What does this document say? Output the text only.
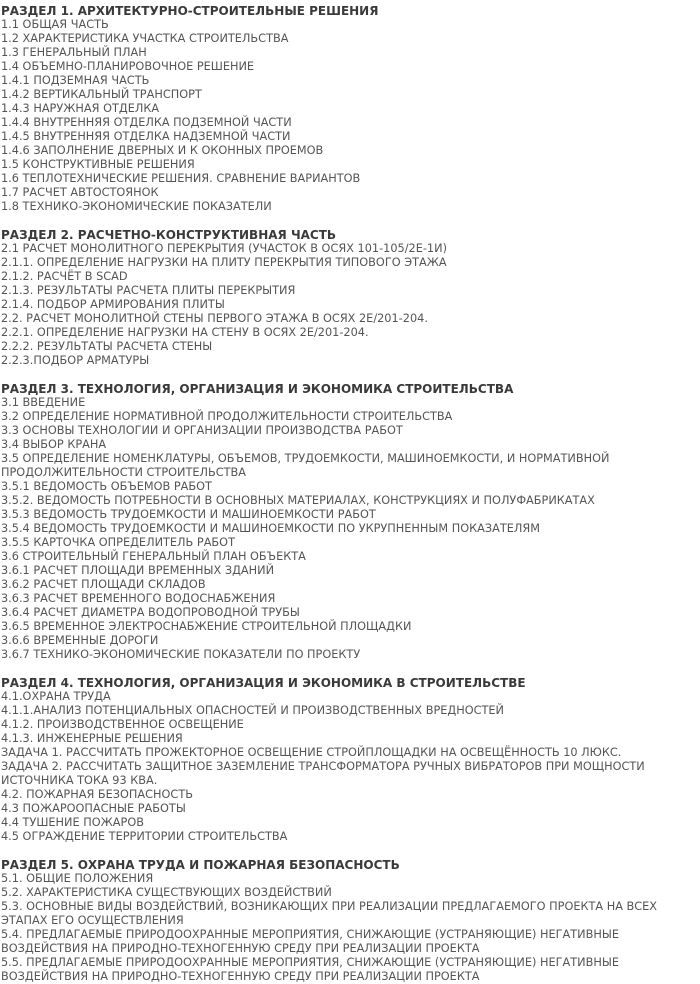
РАЗДЕЛ 1. АРХИТЕКТУРНО-СТРОИТЕЛЬНЫЕ РЕШЕНИЯ
1.1 ОБЩАЯ ЧАСТЬ
1.2 ХАРАКТЕРИСТИКА УЧАСТКА СТРОИТЕЛЬСТВА
1.3 ГЕНЕРАЛЬНЫЙ ПЛАН
1.4 ОБЪЕМНО-ПЛАНИРОВОЧНОЕ РЕШЕНИЕ
1.4.1 ПОДЗЕМНАЯ ЧАСТЬ
1.4.2 ВЕРТИКАЛЬНЫЙ ТРАНСПОРТ
1.4.3 НАРУЖНАЯ ОТДЕЛКА
1.4.4 ВНУТРЕННЯЯ ОТДЕЛКА ПОДЗЕМНОЙ ЧАСТИ
1.4.5 ВНУТРЕННЯЯ ОТДЕЛКА НАДЗЕМНОЙ ЧАСТИ
1.4.6 ЗАПОЛНЕНИЕ ДВЕРНЫХ И К ОКОННЫХ ПРОЕМОВ
1.5 КОНСТРУКТИВНЫЕ РЕШЕНИЯ
1.6 ТЕПЛОТЕХНИЧЕСКИЕ РЕШЕНИЯ. СРАВНЕНИЕ ВАРИАНТОВ
1.7 РАСЧЕТ АВТОСТОЯНОК
1.8 ТЕХНИКО-ЭКОНОМИЧЕСКИЕ ПОКАЗАТЕЛИ
РАЗДЕЛ 2. РАСЧЕТНО-КОНСТРУКТИВНАЯ ЧАСТЬ
2.1 РАСЧЕТ МОНОЛИТНОГО ПЕРЕКРЫТИЯ (УЧАСТОК В ОСЯХ 101-105/2Е-1И)
2.1.1. ОПРЕДЕЛЕНИЕ НАГРУЗКИ НА ПЛИТУ ПЕРЕКРЫТИЯ ТИПОВОГО ЭТАЖА
2.1.2. РАСЧЁТ В SCAD
2.1.3. РЕЗУЛЬТАТЫ РАСЧЕТА ПЛИТЫ ПЕРЕКРЫТИЯ
2.1.4. ПОДБОР АРМИРОВАНИЯ ПЛИТЫ
2.2. РАСЧЕТ МОНОЛИТНОЙ СТЕНЫ ПЕРВОГО ЭТАЖА В ОСЯХ 2Е/201-204.
2.2.1. ОПРЕДЕЛЕНИЕ НАГРУЗКИ НА СТЕНУ В ОСЯХ 2Е/201-204.
2.2.2. РЕЗУЛЬТАТЫ РАСЧЕТА СТЕНЫ
2.2.3.ПОДБОР АРМАТУРЫ
РАЗДЕЛ 3. ТЕХНОЛОГИЯ, ОРГАНИЗАЦИЯ И ЭКОНОМИКА СТРОИТЕЛЬСТВА
3.1 ВВЕДЕНИЕ
3.2 ОПРЕДЕЛЕНИЕ НОРМАТИВНОЙ ПРОДОЛЖИТЕЛЬНОСТИ СТРОИТЕЛЬСТВА
3.3 ОСНОВЫ ТЕХНОЛОГИИ И ОРГАНИЗАЦИИ ПРОИЗВОДСТВА РАБОТ
3.4 ВЫБОР КРАНА
3.5 ОПРЕДЕЛЕНИЕ НОМЕНКЛАТУРЫ, ОБЪЕМОВ, ТРУДОЕМКОСТИ, МАШИНОЕМКОСТИ, И НОРМАТИВНОЙ ПРОДОЛЖИТЕЛЬНОСТИ СТРОИТЕЛЬСТВА
3.5.1 ВЕДОМОСТЬ ОБЪЕМОВ РАБОТ
3.5.2. ВЕДОМОСТЬ ПОТРЕБНОСТИ В ОСНОВНЫХ МАТЕРИАЛАХ, КОНСТРУКЦИЯХ И ПОЛУФАБРИКАТАХ
3.5.3 ВЕДОМОСТЬ ТРУДОЕМКОСТИ И МАШИНОЕМКОСТИ РАБОТ
3.5.4 ВЕДОМОСТЬ ТРУДОЕМКОСТИ И МАШИНОЕМКОСТИ ПО УКРУПНЕННЫМ ПОКАЗАТЕЛЯМ
3.5.5 КАРТОЧКА ОПРЕДЕЛИТЕЛЬ РАБОТ
3.6 СТРОИТЕЛЬНЫЙ ГЕНЕРАЛЬНЫЙ ПЛАН ОБЪЕКТА
3.6.1 РАСЧЕТ ПЛОЩАДИ ВРЕМЕННЫХ ЗДАНИЙ
3.6.2 РАСЧЕТ ПЛОЩАДИ СКЛАДОВ
3.6.3 РАСЧЕТ ВРЕМЕННОГО ВОДОСНАБЖЕНИЯ
3.6.4 РАСЧЕТ ДИАМЕТРА ВОДОПРОВОДНОЙ ТРУБЫ
3.6.5 ВРЕМЕННОЕ ЭЛЕКТРОСНАБЖЕНИЕ СТРОИТЕЛЬНОЙ ПЛОЩАДКИ
3.6.6 ВРЕМЕННЫЕ ДОРОГИ
3.6.7 ТЕХНИКО-ЭКОНОМИЧЕСКИЕ ПОКАЗАТЕЛИ ПО ПРОЕКТУ
РАЗДЕЛ 4. ТЕХНОЛОГИЯ, ОРГАНИЗАЦИЯ И ЭКОНОМИКА В СТРОИТЕЛЬСТВЕ
4.1.ОХРАНА ТРУДА
4.1.1.АНАЛИЗ ПОТЕНЦИАЛЬНЫХ ОПАСНОСТЕЙ И ПРОИЗВОДСТВЕННЫХ ВРЕДНОСТЕЙ
4.1.2. ПРОИЗВОДСТВЕННОЕ ОСВЕЩЕНИЕ
4.1.3. ИНЖЕНЕРНЫЕ РЕШЕНИЯ
ЗАДАЧА 1. РАССЧИТАТЬ ПРОЖЕКТОРНОЕ ОСВЕЩЕНИЕ СТРОЙПЛОЩАДКИ НА ОСВЕЩЁННОСТЬ 10 ЛЮКС.
ЗАДАЧА 2. РАССЧИТАТЬ ЗАЩИТНОЕ ЗАЗЕМЛЕНИЕ ТРАНСФОРМАТОРА РУЧНЫХ ВИБРАТОРОВ ПРИ МОЩНОСТИ ИСТОЧНИКА ТОКА 93 КВА.
4.2. ПОЖАРНАЯ БЕЗОПАСНОСТЬ
4.3 ПОЖАРООПАСНЫЕ РАБОТЫ
4.4 ТУШЕНИЕ ПОЖАРОВ
4.5 ОГРАЖДЕНИЕ ТЕРРИТОРИИ СТРОИТЕЛЬСТВА
РАЗДЕЛ 5. ОХРАНА ТРУДА И ПОЖАРНАЯ БЕЗОПАСНОСТЬ
5.1. ОБЩИЕ ПОЛОЖЕНИЯ
5.2. ХАРАКТЕРИСТИКА СУЩЕСТВУЮЩИХ ВОЗДЕЙСТВИЙ
5.3. ОСНОВНЫЕ ВИДЫ ВОЗДЕЙСТВИЙ, ВОЗНИКАЮЩИХ ПРИ РЕАЛИЗАЦИИ ПРЕДЛАГАЕМОГО ПРОЕКТА НА ВСЕХ ЭТАПАХ ЕГО ОСУЩЕСТВЛЕНИЯ
5.4. ПРЕДЛАГАЕМЫЕ ПРИРОДООХРАННЫЕ МЕРОПРИЯТИЯ, СНИЖАЮЩИЕ (УСТРАНЯЮЩИЕ) НЕГАТИВНЫЕ ВОЗДЕЙСТВИЯ НА ПРИРОДНО-ТЕХНОГЕННУЮ СРЕДУ ПРИ РЕАЛИЗАЦИИ ПРОЕКТА
5.5. ПРЕДЛАГАЕМЫЕ ПРИРОДООХРАННЫЕ МЕРОПРИЯТИЯ, СНИЖАЮЩИЕ (УСТРАНЯЮЩИЕ) НЕГАТИВНЫЕ ВОЗДЕЙСТВИЯ НА ПРИРОДНО-ТЕХНОГЕННУЮ СРЕДУ ПРИ РЕАЛИЗАЦИИ ПРОЕКТА
